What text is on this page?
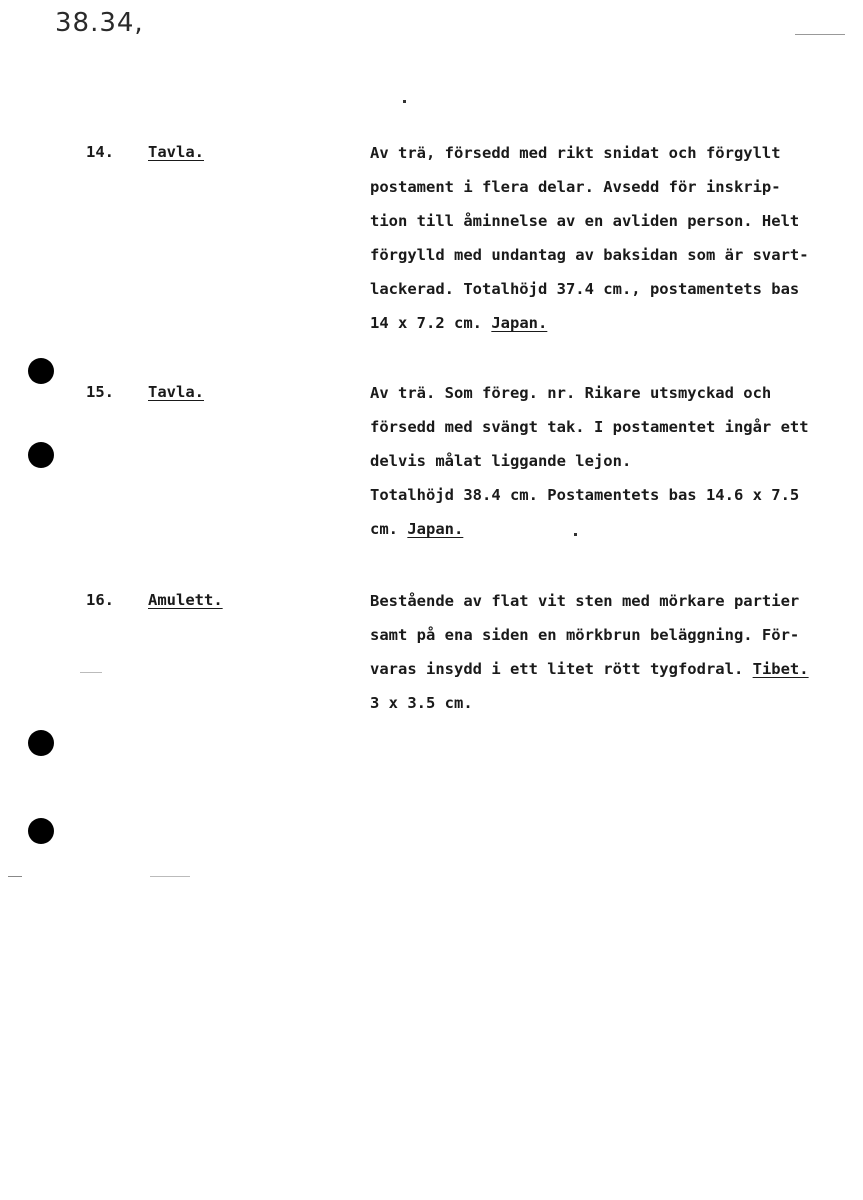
38.34,
14. Tavla.	Av trä, försedd med rikt snidat och förgyllt
postament i flera delar. Avsedd för inskrip-
tion till åminnelse av en avliden person. Helt
förgylld med undantag av baksidan som är svart-
lackerad. Totalhöjd 37.4 cm., postamentets bas
14 x 7.2 cm. Japan.
15. Tavla.	Av trä. Som föreg. nr. Rikare utsmyckad och
försedd med svängt tak. I postamentet ingår ett
delvis målat liggande lejon.
Totalhöjd 38.4 cm. Postamentets bas 14.6 x 7.5
cm. Japan.
16. Amulett.	Bestående av flat vit sten med mörkare partier
samt på ena siden en mörkbrun beläggning. För-
varas insydd i ett litet rött tygfodral. Tibet.
3 x 3.5 cm.
